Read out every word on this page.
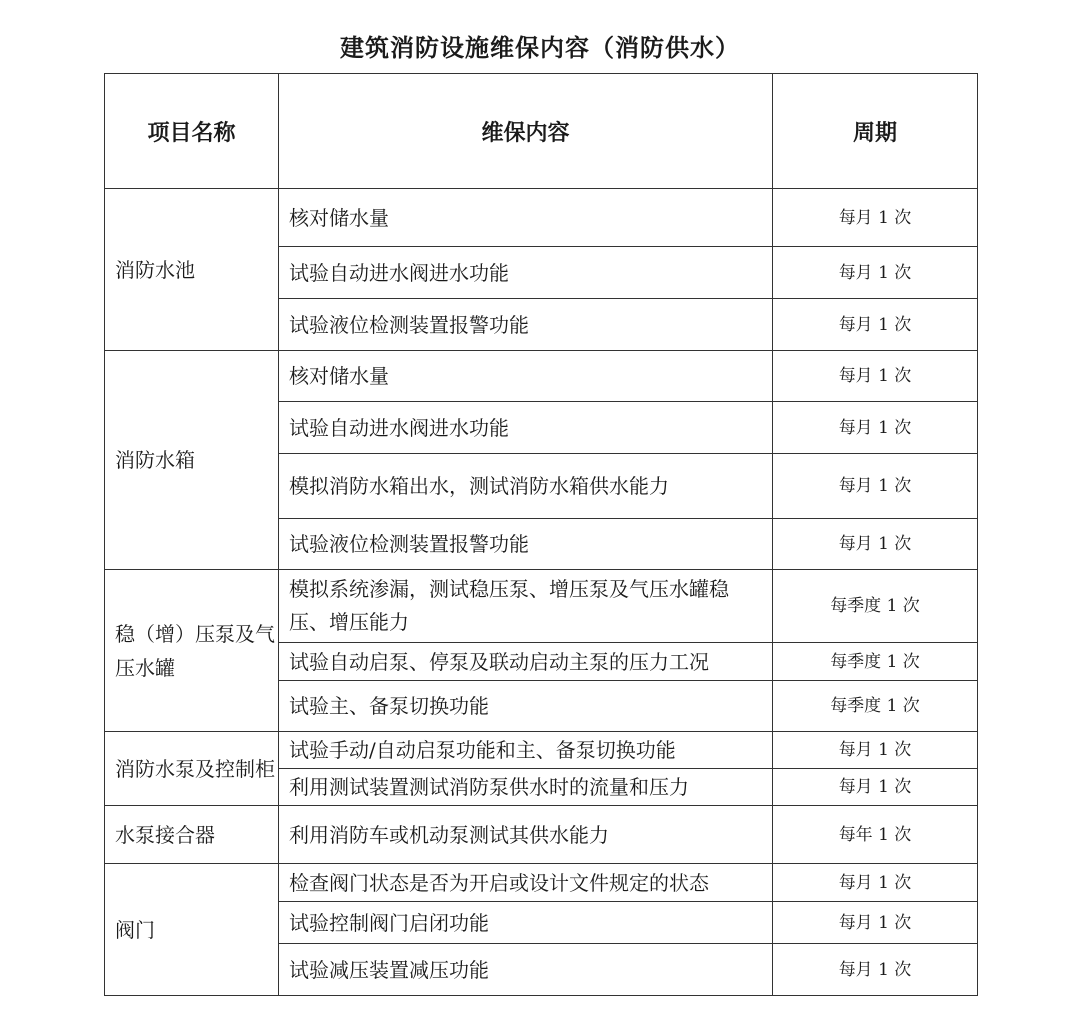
建筑消防设施维保内容（消防供水）
项目名称	维保内容	周期
消防水池	核对储水量	每月 1 次
	试验自动进水阀进水功能	每月 1 次
	试验液位检测装置报警功能	每月 1 次
消防水箱	核对储水量	每月 1 次
	试验自动进水阀进水功能	每月 1 次
	模拟消防水箱出水，测试消防水箱供水能力	每月 1 次
	试验液位检测装置报警功能	每月 1 次
稳（增）压泵及气压水罐	模拟系统渗漏，测试稳压泵、增压泵及气压水罐稳压、增压能力	每季度 1 次
	试验自动启泵、停泵及联动启动主泵的压力工况	每季度 1 次
	试验主、备泵切换功能	每季度 1 次
消防水泵及控制柜	试验手动/自动启泵功能和主、备泵切换功能	每月 1 次
	利用测试装置测试消防泵供水时的流量和压力	每月 1 次
水泵接合器	利用消防车或机动泵测试其供水能力	每年 1 次
阀门	检查阀门状态是否为开启或设计文件规定的状态	每月 1 次
	试验控制阀门启闭功能	每月 1 次
	试验减压装置减压功能	每月 1 次
